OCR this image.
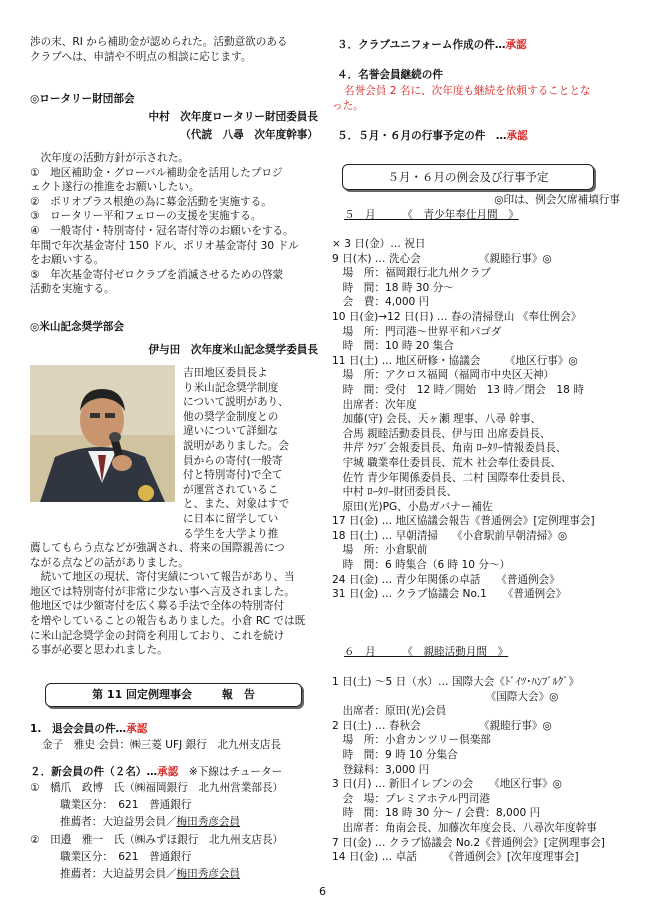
渉の末、RI から補助金が認められた。活動意欲のある
クラブへは、申請や不明点の相談に応じます。
◎ロータリー財団部会
中村　次年度ロータリー財団委員長
（代読　八尋　次年度幹事）
　次年度の活動方針が示された。
①　地区補助金・グローバル補助金を活用したプロジ
ェクト遂行の推進をお願いしたい。
②　ポリオプラス根絶の為に募金活動を実施する。
③　ロータリー平和フェローの支援を実施する。
④　一般寄付・特別寄付・冠名寄付等のお願いをする。
年間で年次基金寄付 150 ドル、ポリオ基金寄付 30 ドル
をお願いする。
⑤　年次基金寄付ゼロクラブを消滅させるための啓蒙
活動を実施する。
◎米山記念奨学部会
伊与田　次年度米山記念奨学委員長
吉田地区委員長よ
り米山記念奨学制度
について説明があり、
他の奨学金制度との
違いについて詳細な
説明がありました。会
員からの寄付(一般寄
付と特別寄付)で全て
が運営されているこ
と、また、対象はすで
に日本に留学してい
る学生を大学より推
薦してもらう点などが強調され、将来の国際親善につ
ながる点などの話がありました。
　続いて地区の現状、寄付実績について報告があり、当
地区では特別寄付が非常に少ない事へ言及されました。
他地区では少額寄付を広く募る手法で全体の特別寄付
を増やしていることの報告もありました。小倉 RC では既
に米山記念奨学金の封筒を利用しており、これを続け
る事が必要と思われました。
第 11 回定例理事会	報　告
1.　退会会員の件…承認
金子　雅史 会員：㈱三菱 UFJ 銀行　北九州支店長
２．新会員の件（２名）…承認　※下線はチューター
①　橋爪　政博　氏（㈱福岡銀行　北九州営業部長）
職業区分：　621　普通銀行
推薦者：大迫益男会員／梅田秀彦会員
②　田邉　雅一　氏（㈱みずほ銀行　北九州支店長）
職業区分：　621　普通銀行
推薦者：大迫益男会員／梅田秀彦会員
３．クラブユニフォーム作成の件…承認
４．名誉会員継続の件
名誉会員 2 名に、次年度も継続を依頼することとな
った。
５．５月・６月の行事予定の件　…承認
５月・６月の例会及び行事予定
◎印は、例会欠席補填行事
５　月　　　《　青少年奉仕月間　》
× 3 日(金）… 祝日
9 日(木) … 洗心会　　　　　　《親睦行事》◎
　場　所：福岡銀行北九州クラブ
　時　間：18 時 30 分～
　会　費：4,000 円
10 日(金)→12 日(日) … 春の清掃登山 《奉仕例会》
　場　所：門司港～世界平和パゴダ
　時　間：10 時 20 集合
11 日(土) … 地区研修・協議会　　 《地区行事》◎
　場　所：アクロス福岡（福岡市中央区天神）
　時　間：受付　12 時／開始　13 時／閉会　18 時
　出席者：次年度
　加藤(守) 会長、天ヶ瀬 理事、八尋 幹事、
　合馬 親睦活動委員長、伊与田 出席委員長、
　井芹 ｸﾗﾌﾞ会報委員長、角南 ﾛｰﾀﾘｰ情報委員長、
　宇城 職業奉仕委員長、荒木 社会奉仕委員長、
　佐竹 青少年関係委員長、二村 国際奉仕委員長、
　中村 ﾛｰﾀﾘｰ財団委員長、
　原田(光)PG、小島ガバナー補佐
17 日(金) … 地区協議会報告《普通例会》[定例理事会]
18 日(土) … 早朝清掃　 《小倉駅前早朝清掃》◎
　場　所：小倉駅前
　時　間：6 時集合（6 時 10 分～）
24 日(金) … 青少年関係の卓話　　《普通例会》
31 日(金) … クラブ協議会 No.1　　《普通例会》
６　月　　　《　親睦活動月間　》
1 日(土) ～5 日（水）… 国際大会《ﾄﾞｲﾂ･ﾊﾝﾌﾞﾙｸﾞ》
　　　　　　　　　　　　　　　《国際大会》◎
　出席者：原田(光)会員
2 日(土) … 春秋会　　　　　　《親睦行事》◎
　場　所：小倉カンツリー倶楽部
　時　間：9 時 10 分集合
　登録料：3,000 円
3 日(月) … 新旧イレブンの会　　《地区行事》◎
　会　場：プレミアホテル門司港
　時　間：18 時 30 分～ / 会費：8,000 円
　出席者：角南会長、加藤次年度会長、八尋次年度幹事
7 日(金) … クラブ協議会 No.2《普通例会》[定例理事会]
14 日(金) … 卓話　　　《普通例会》[次年度理事会]
6
